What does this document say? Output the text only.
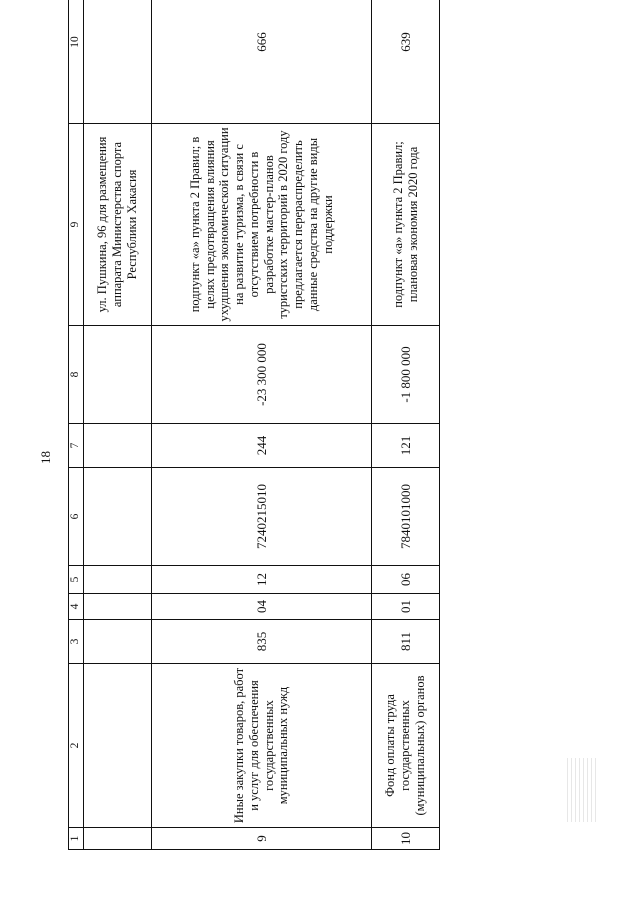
18
1	2	3	4	5	6	7	8	9	10
								ул. Пушкина, 96 для размещения аппарата Министерства спорта Республики Хакасия	
9	Иные закупки товаров, работ и услуг для обеспечения государственных муниципальных нужд	835	04	12	7240215010	244	-23 300 000	подпункт «а» пункта 2 Правил; в целях предотвращения влияния ухудшения экономической ситуации на развитие туризма, в связи с отсутствием потребности в разработке мастер-планов туристских территорий в 2020 году предлагается перераспределить данные средства на другие виды поддержки	666
10	Фонд оплаты труда государственных (муниципальных) органов	811	01	06	7840101000	121	-1 800 000	подпункт «а» пункта 2 Правил; плановая экономия 2020 года	639
